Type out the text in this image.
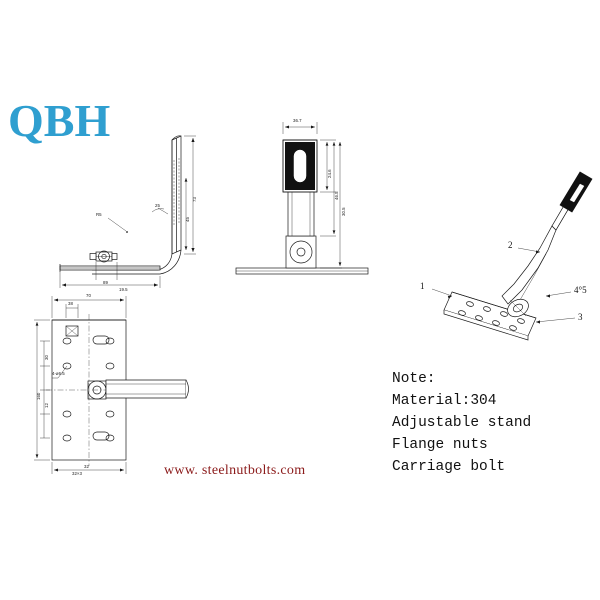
QBH
Note:
Material:304
Adjustable stand
Flange nuts
Carriage bolt
www. steelnutbolts.com
1
2
3
4°5
89
19.5
73
45
25
R5
36.7
24.6
46.5
30.5
38
70
32
30
12
160
4-ø6.5
32×3
